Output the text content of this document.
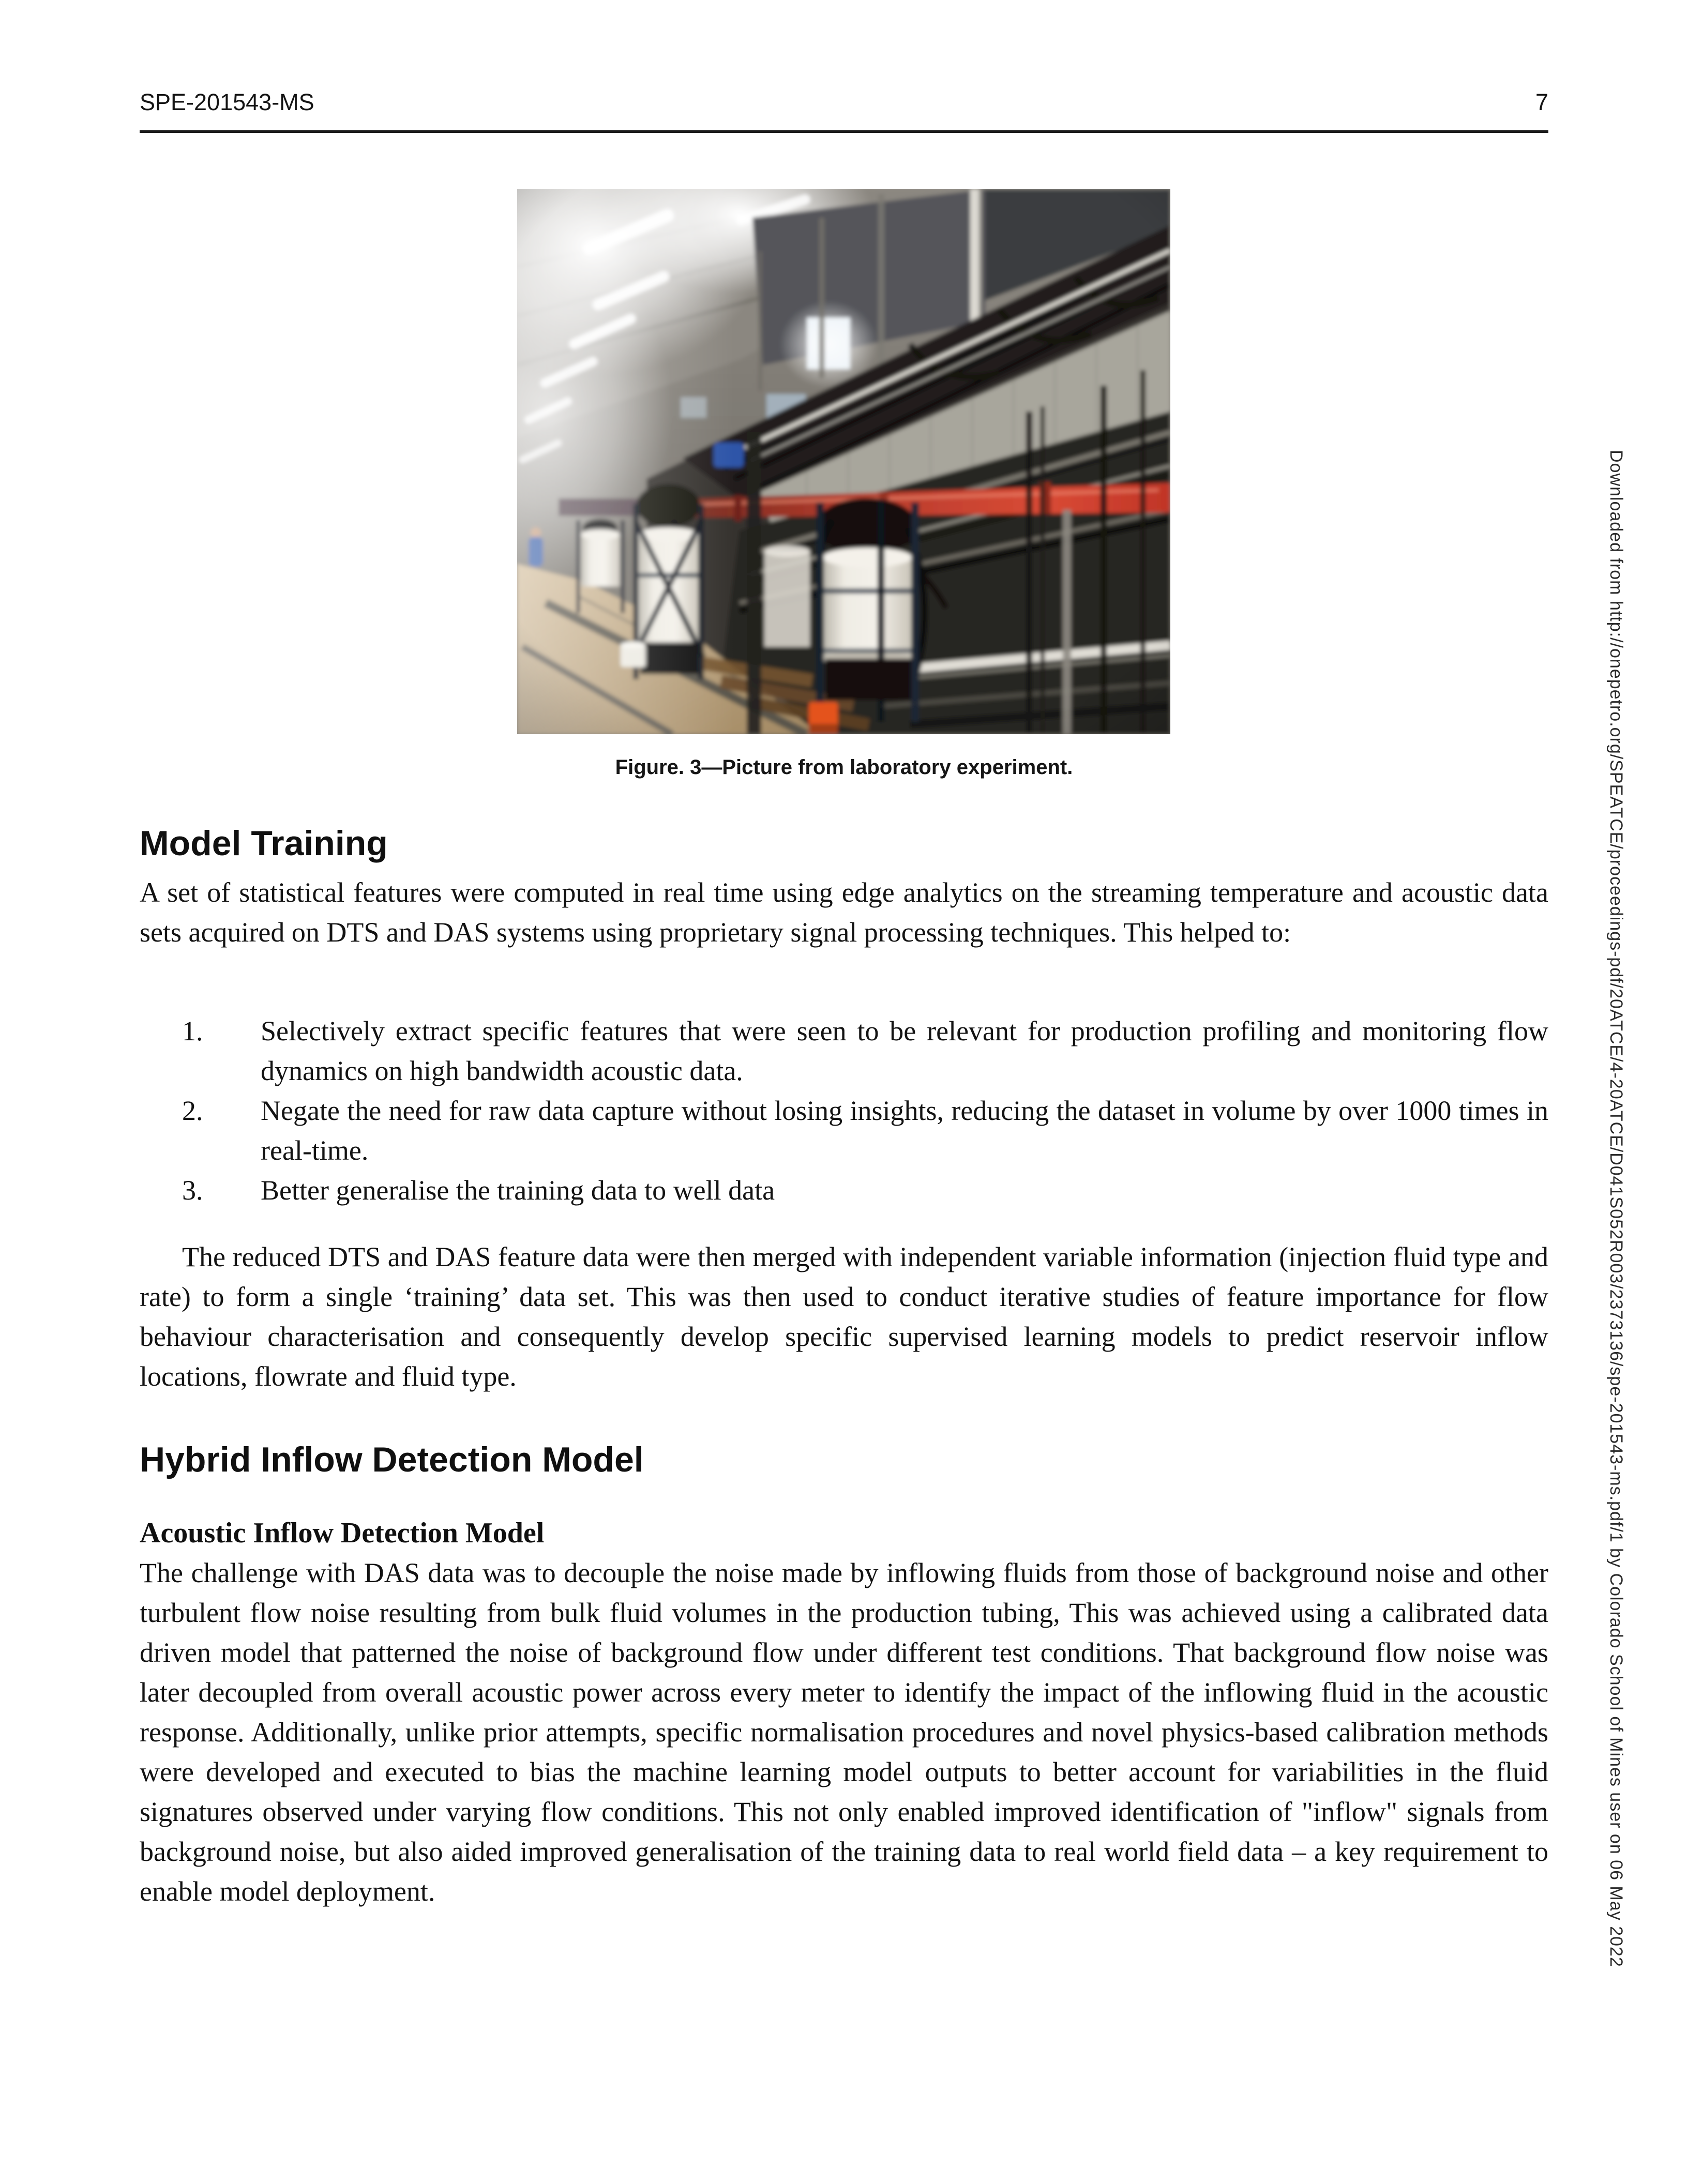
SPE-201543-MS	7
Figure. 3—Picture from laboratory experiment.
Model Training

A set of statistical features were computed in real time using edge analytics on the streaming temperature and acoustic data sets acquired on DTS and DAS systems using proprietary signal processing techniques. This helped to:

1.	Selectively extract specific features that were seen to be relevant for production profiling and monitoring flow dynamics on high bandwidth acoustic data.
2.	Negate the need for raw data capture without losing insights, reducing the dataset in volume by over 1000 times in real-time.
3.	Better generalise the training data to well data

The reduced DTS and DAS feature data were then merged with independent variable information (injection fluid type and rate) to form a single ‘training’ data set. This was then used to conduct iterative studies of feature importance for flow behaviour characterisation and consequently develop specific supervised learning models to predict reservoir inflow locations, flowrate and fluid type.

Hybrid Inflow Detection Model
Acoustic Inflow Detection Model

The challenge with DAS data was to decouple the noise made by inflowing fluids from those of background noise and other turbulent flow noise resulting from bulk fluid volumes in the production tubing, This was achieved using a calibrated data driven model that patterned the noise of background flow under different test conditions. That background flow noise was later decoupled from overall acoustic power across every meter to identify the impact of the inflowing fluid in the acoustic response. Additionally, unlike prior attempts, specific normalisation procedures and novel physics-based calibration methods were developed and executed to bias the machine learning model outputs to better account for variabilities in the fluid signatures observed under varying flow conditions. This not only enabled improved identification of "inflow" signals from background noise, but also aided improved generalisation of the training data to real world field data – a key requirement to enable model deployment.	Downloaded from http://onepetro.org/SPEATCE/proceedings-pdf/20ATCE/4-20ATCE/D041S052R003/2373136/spe-201543-ms.pdf/1 by Colorado School of Mines user on 06 May 2022
